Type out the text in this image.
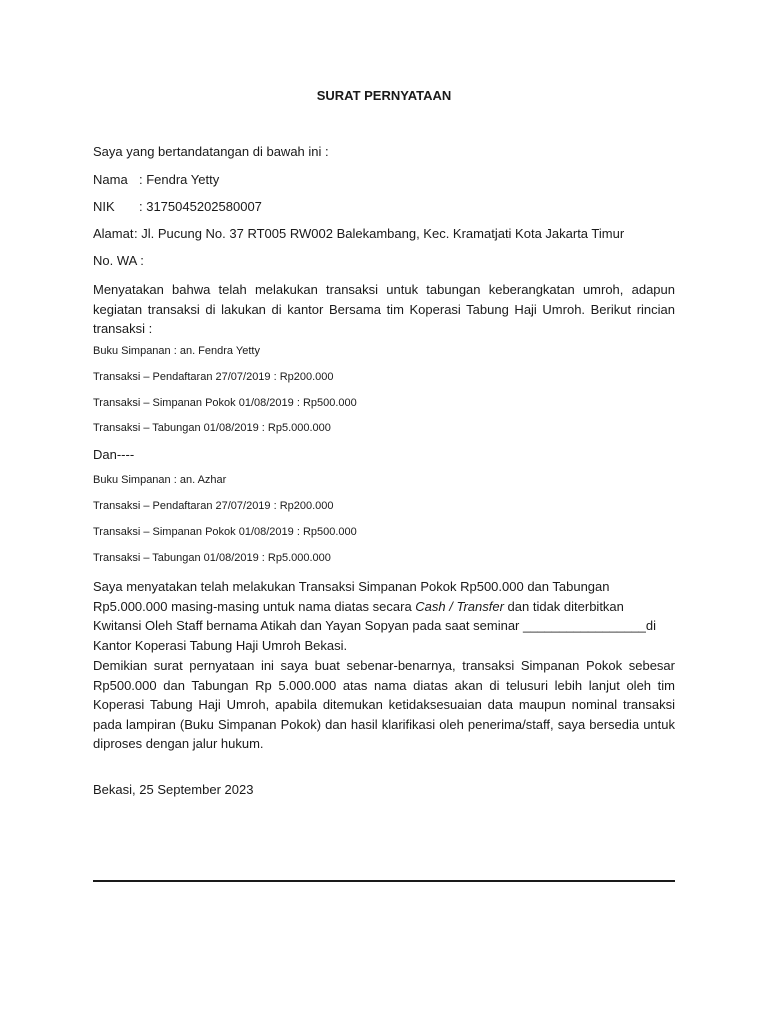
SURAT PERNYATAAN
Saya yang bertandatangan di bawah ini :
Nama : Fendra Yetty
NIK : 3175045202580007
Alamat: Jl. Pucung No. 37 RT005 RW002 Balekambang, Kec. Kramatjati Kota Jakarta Timur
No. WA :
Menyatakan bahwa telah melakukan transaksi untuk tabungan keberangkatan umroh, adapun kegiatan transaksi di lakukan di kantor Bersama tim Koperasi Tabung Haji Umroh. Berikut rincian transaksi :
Buku Simpanan : an. Fendra Yetty
Transaksi – Pendaftaran 27/07/2019 : Rp200.000
Transaksi – Simpanan Pokok 01/08/2019 : Rp500.000
Transaksi – Tabungan 01/08/2019 : Rp5.000.000
Dan----
Buku Simpanan : an. Azhar
Transaksi – Pendaftaran 27/07/2019 : Rp200.000
Transaksi – Simpanan Pokok 01/08/2019 : Rp500.000
Transaksi – Tabungan 01/08/2019 : Rp5.000.000
Saya menyatakan telah melakukan Transaksi Simpanan Pokok Rp500.000 dan Tabungan Rp5.000.000 masing-masing untuk nama diatas secara Cash / Transfer dan tidak diterbitkan Kwitansi Oleh Staff bernama Atikah dan Yayan Sopyan pada saat seminar _________________di Kantor Koperasi Tabung Haji Umroh Bekasi.
Demikian surat pernyataan ini saya buat sebenar-benarnya, transaksi Simpanan Pokok sebesar Rp500.000 dan Tabungan Rp 5.000.000 atas nama diatas akan di telusuri lebih lanjut oleh tim Koperasi Tabung Haji Umroh, apabila ditemukan ketidaksesuaian data maupun nominal transaksi pada lampiran (Buku Simpanan Pokok) dan hasil klarifikasi oleh penerima/staff, saya bersedia untuk diproses dengan jalur hukum.
Bekasi, 25 September 2023
